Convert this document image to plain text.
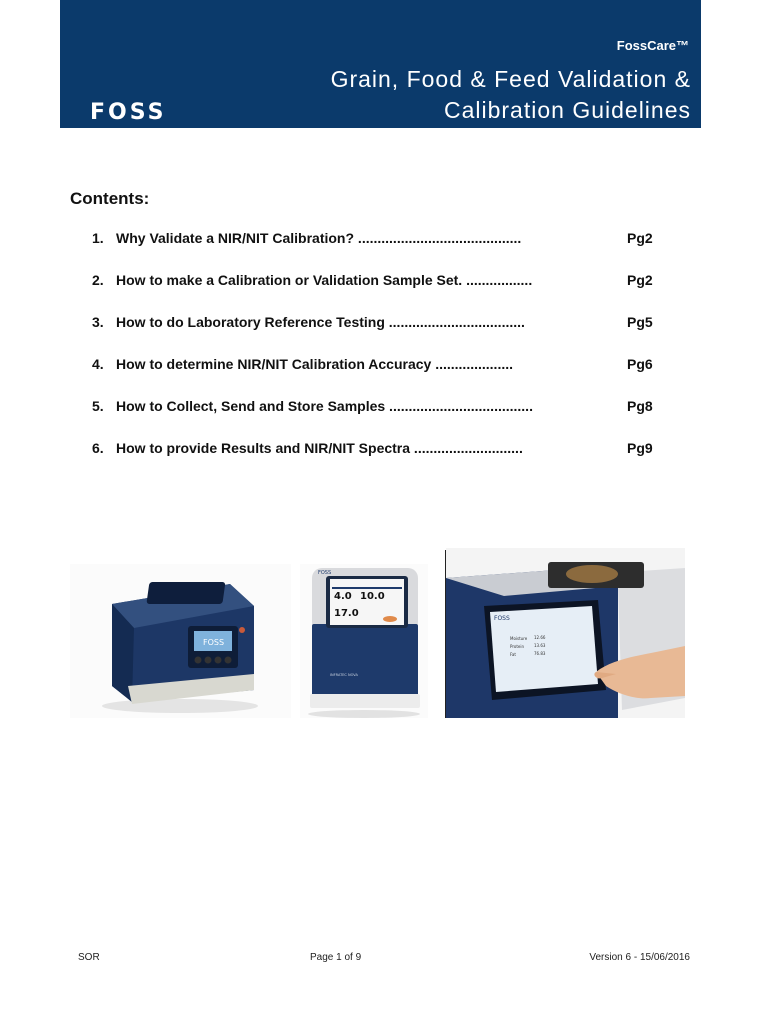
FossCare™
Grain, Food & Feed Validation &
Calibration Guidelines
FOSS
Contents:
1. Why Validate a NIR/NIT Calibration? ..........................................	Pg2
2. How to make a Calibration or Validation Sample Set. .................	Pg2
3. How to do Laboratory Reference Testing ...................................	Pg5
4. How to determine NIR/NIT Calibration Accuracy ....................	Pg6
5. How to Collect, Send and Store Samples .....................................	Pg8
6. How to provide Results and NIR/NIT Spectra ............................	Pg9
FOSS
FOSS
4.0 10.0
17.0
INFRATEC NOVA
FOSS
Moisture 12.66
Protein 13.63
Fat	76.83
SOR	Page 1 of 9	Version 6 - 15/06/2016
